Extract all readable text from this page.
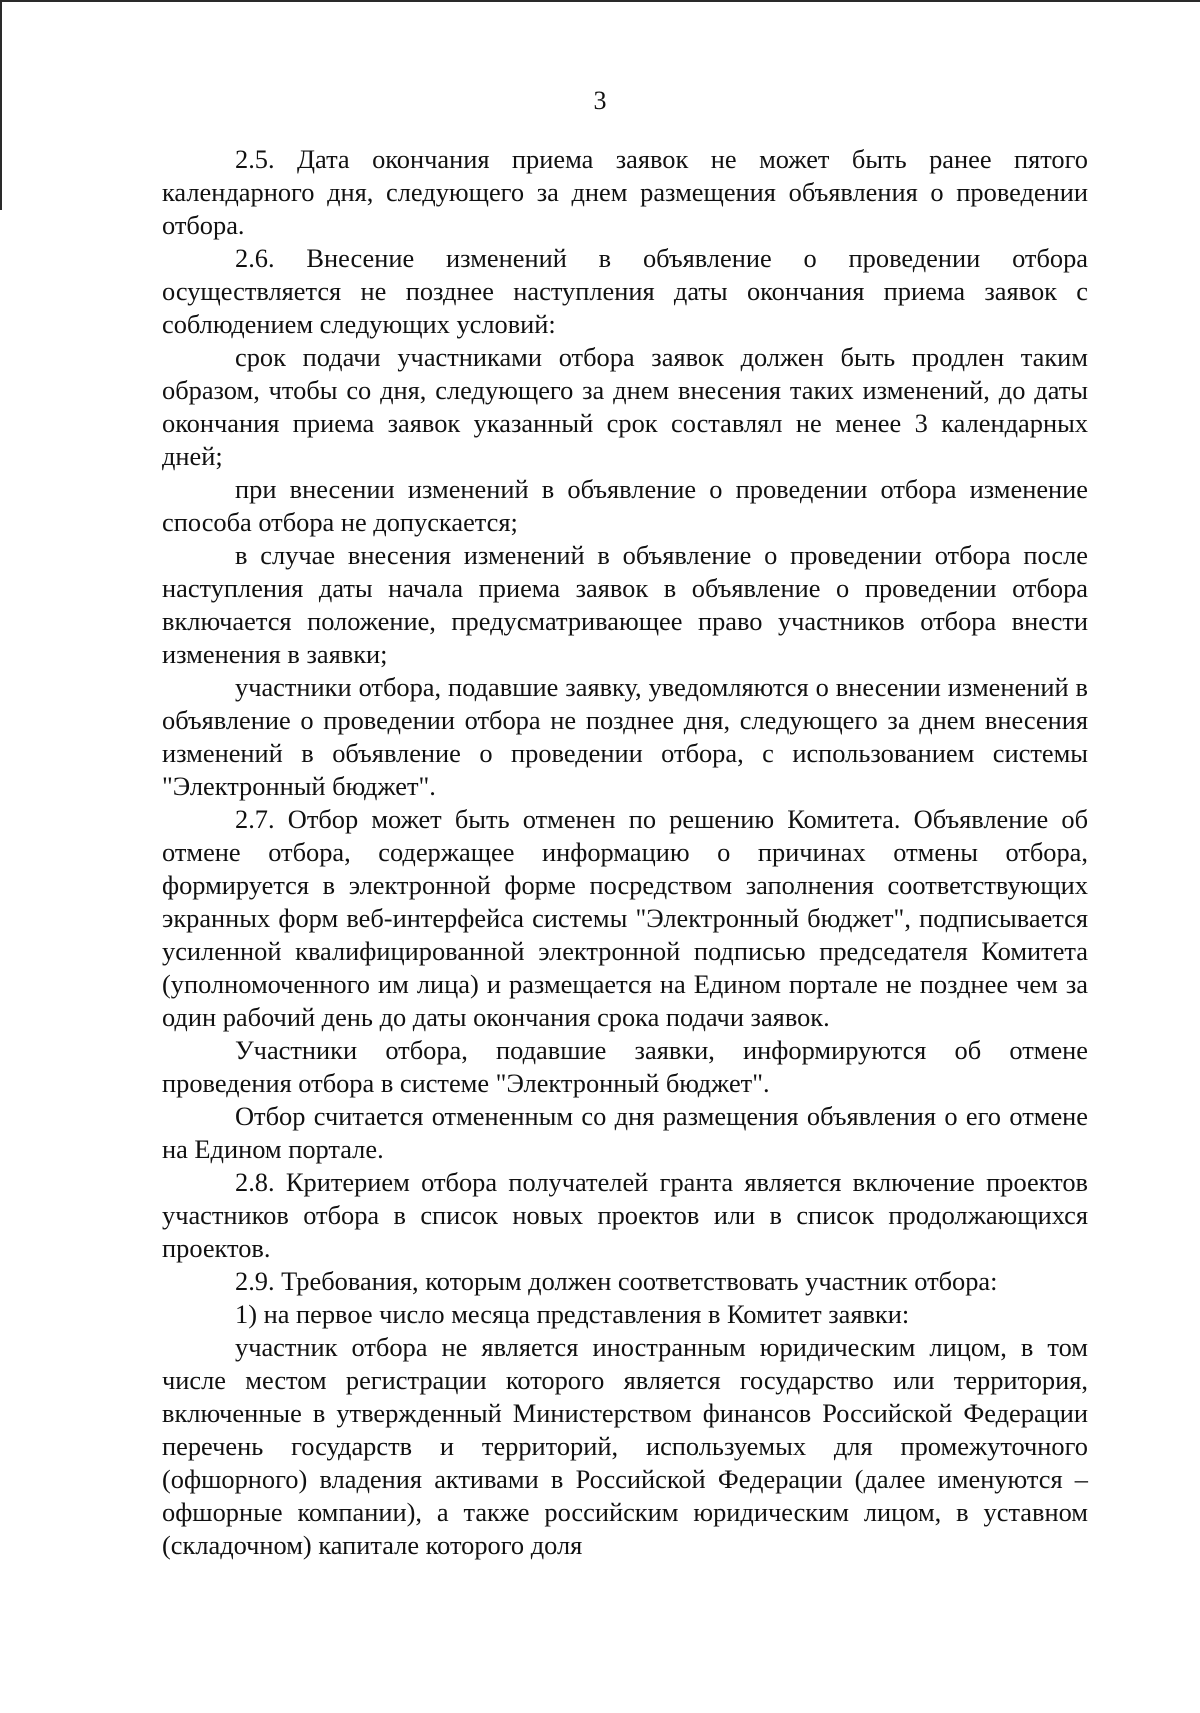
3

2.5. Дата окончания приема заявок не может быть ранее пятого календарного дня, следующего за днем размещения объявления о проведении отбора.

2.6. Внесение изменений в объявление о проведении отбора осуществляется не позднее наступления даты окончания приема заявок с соблюдением следующих условий:

срок подачи участниками отбора заявок должен быть продлен таким образом, чтобы со дня, следующего за днем внесения таких изменений, до даты окончания приема заявок указанный срок составлял не менее 3 календарных дней;

при внесении изменений в объявление о проведении отбора изменение способа отбора не допускается;

в случае внесения изменений в объявление о проведении отбора после наступления даты начала приема заявок в объявление о проведении отбора включается положение, предусматривающее право участников отбора внести изменения в заявки;

участники отбора, подавшие заявку, уведомляются о внесении изменений в объявление о проведении отбора не позднее дня, следующего за днем внесения изменений в объявление о проведении отбора, с использованием системы "Электронный бюджет".

2.7. Отбор может быть отменен по решению Комитета. Объявление об отмене отбора, содержащее информацию о причинах отмены отбора, формируется в электронной форме посредством заполнения соответствующих экранных форм веб-интерфейса системы "Электронный бюджет", подписывается усиленной квалифицированной электронной подписью председателя Комитета (уполномоченного им лица) и размещается на Едином портале не позднее чем за один рабочий день до даты окончания срока подачи заявок.

Участники отбора, подавшие заявки, информируются об отмене проведения отбора в системе "Электронный бюджет".

Отбор считается отмененным со дня размещения объявления о его отмене на Едином портале.

2.8. Критерием отбора получателей гранта является включение проектов участников отбора в список новых проектов или в список продолжающихся проектов.

2.9. Требования, которым должен соответствовать участник отбора:

1) на первое число месяца представления в Комитет заявки:

участник отбора не является иностранным юридическим лицом, в том числе местом регистрации которого является государство или территория, включенные в утвержденный Министерством финансов Российской Федерации перечень государств и территорий, используемых для промежуточного (офшорного) владения активами в Российской Федерации (далее именуются – офшорные компании), а также российским юридическим лицом, в уставном (складочном) капитале которого доля
